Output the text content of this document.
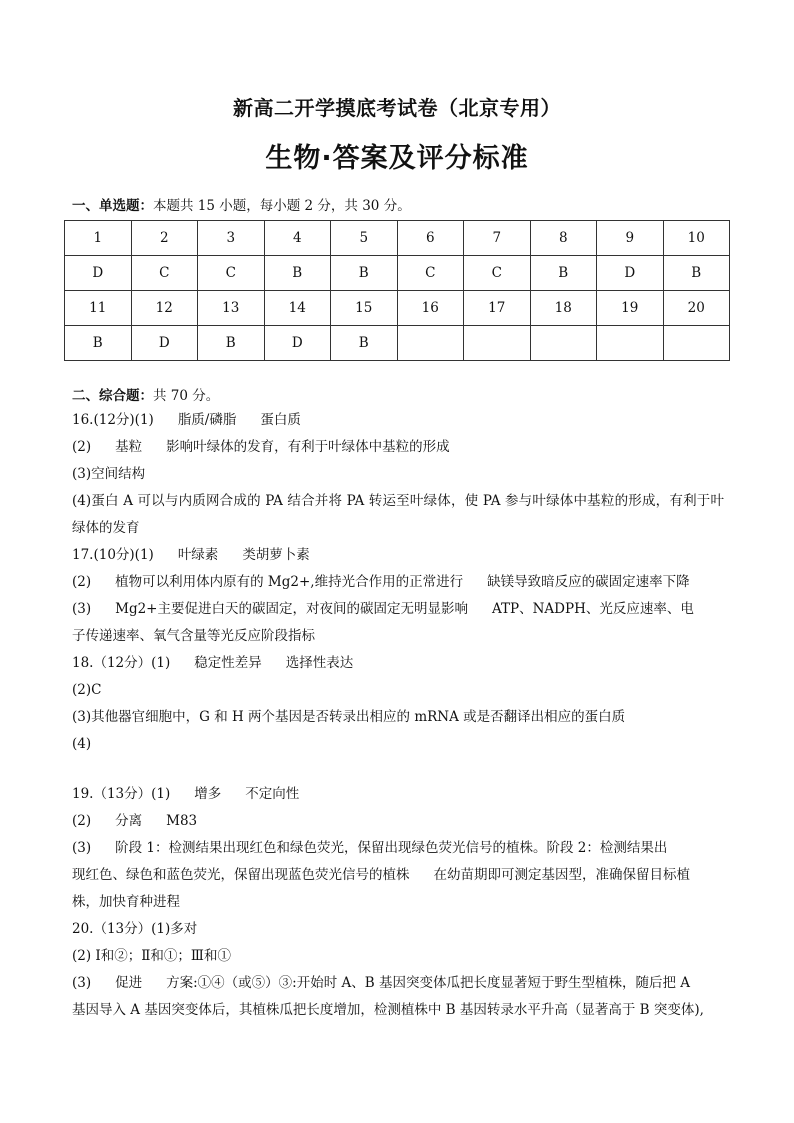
新高二开学摸底考试卷（北京专用）
生物·答案及评分标准
一、单选题：本题共 15 小题，每小题 2 分，共 30 分。
1	2	3	4	5	6	7	8	9	10
D	C	C	B	B	C	C	B	D	B
11	12	13	14	15	16	17	18	19	20
B	D	B	D	B					
二、综合题：共 70 分。
16.(12分)(1) 脂质/磷脂 蛋白质
(2) 基粒 影响叶绿体的发育，有利于叶绿体中基粒的形成
(3)空间结构
(4)蛋白 A 可以与内质网合成的 PA 结合并将 PA 转运至叶绿体，使 PA 参与叶绿体中基粒的形成，有利于叶
绿体的发育
17.(10分)(1) 叶绿素 类胡萝卜素
(2) 植物可以利用体内原有的 Mg2+,维持光合作用的正常进行 缺镁导致暗反应的碳固定速率下降
(3) Mg2+主要促进白天的碳固定，对夜间的碳固定无明显影响 ATP、NADPH、光反应速率、电
子传递速率、氧气含量等光反应阶段指标
18.（12分）(1) 稳定性差异 选择性表达
(2)C
(3)其他器官细胞中，G 和 H 两个基因是否转录出相应的 mRNA 或是否翻译出相应的蛋白质
(4)
19.（13分）(1) 增多 不定向性
(2) 分离 M83
(3) 阶段 1：检测结果出现红色和绿色荧光，保留出现绿色荧光信号的植株。阶段 2：检测结果出
现红色、绿色和蓝色荧光，保留出现蓝色荧光信号的植株 在幼苗期即可测定基因型，准确保留目标植
株，加快育种进程
20.（13分）(1)多对
(2) Ⅰ和②；Ⅱ和①；Ⅲ和①
(3) 促进 方案:①④（或⑤）③:开始时 A、B 基因突变体瓜把长度显著短于野生型植株，随后把 A
基因导入 A 基因突变体后，其植株瓜把长度增加，检测植株中 B 基因转录水平升高（显著高于 B 突变体),
